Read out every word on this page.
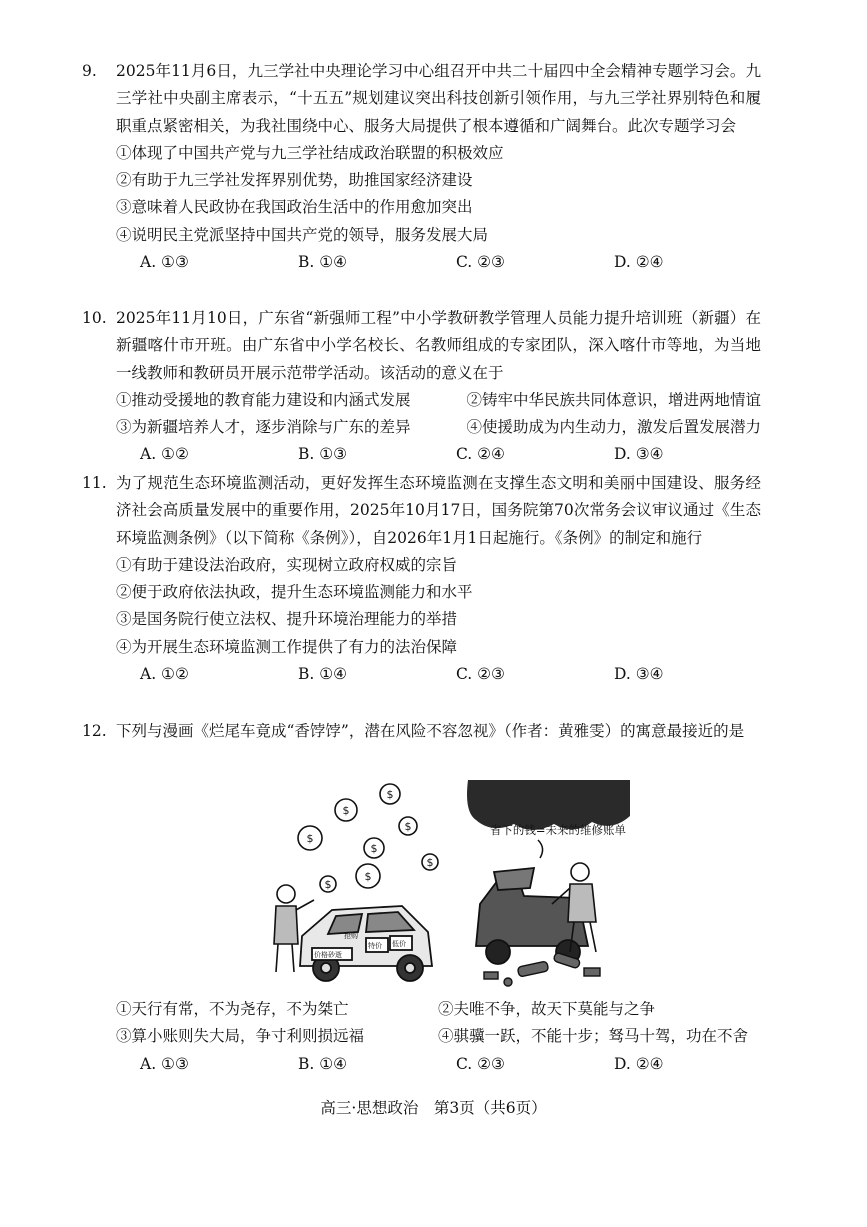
9. 2025年11月6日，九三学社中央理论学习中心组召开中共二十届四中全会精神专题学习会。九三学社中央副主席表示，“十五五”规划建议突出科技创新引领作用，与九三学社界别特色和履职重点紧密相关，为我社围绕中心、服务大局提供了根本遵循和广阔舞台。此次专题学习会
①体现了中国共产党与九三学社结成政治联盟的积极效应
②有助于九三学社发挥界别优势，助推国家经济建设
③意味着人民政协在我国政治生活中的作用愈加突出
④说明民主党派坚持中国共产党的领导，服务发展大局
A. ①③	B. ①④	C. ②③	D. ②④
10. 2025年11月10日，广东省“新强师工程”中小学教研教学管理人员能力提升培训班（新疆）在新疆喀什市开班。由广东省中小学名校长、名教师组成的专家团队，深入喀什市等地，为当地一线教师和教研员开展示范带学活动。该活动的意义在于
①推动受援地的教育能力建设和内涵式发展	②铸牢中华民族共同体意识，增进两地情谊
③为新疆培养人才，逐步消除与广东的差异	④使援助成为内生动力，激发后置发展潜力
A. ①②	B. ①③	C. ②④	D. ③④
11. 为了规范生态环境监测活动，更好发挥生态环境监测在支撑生态文明和美丽中国建设、服务经济社会高质量发展中的重要作用，2025年10月17日，国务院第70次常务会议审议通过《生态环境监测条例》（以下简称《条例》），自2026年1月1日起施行。《条例》的制定和施行
①有助于建设法治政府，实现树立政府权威的宗旨
②便于政府依法执政，提升生态环境监测能力和水平
③是国务院行使立法权、提升环境治理能力的举措
④为开展生态环境监测工作提供了有力的法治保障
A. ①②	B. ①④	C. ②③	D. ③④
12. 下列与漫画《烂尾车竟成“香饽饽”，潜在风险不容忽视》（作者：黄雅雯）的寓意最接近的是
$
$
$
$
$
$
$
$
特价 低价
价格砂逝
抢购
省下的钱=未来的维修账单
①天行有常，不为尧存，不为桀亡	②夫唯不争，故天下莫能与之争
③算小账则失大局，争寸利则损远福	④骐骥一跃，不能十步；驽马十驾，功在不舍
A. ①③	B. ①④	C. ②③	D. ②④
高三·思想政治　第3页（共6页）
